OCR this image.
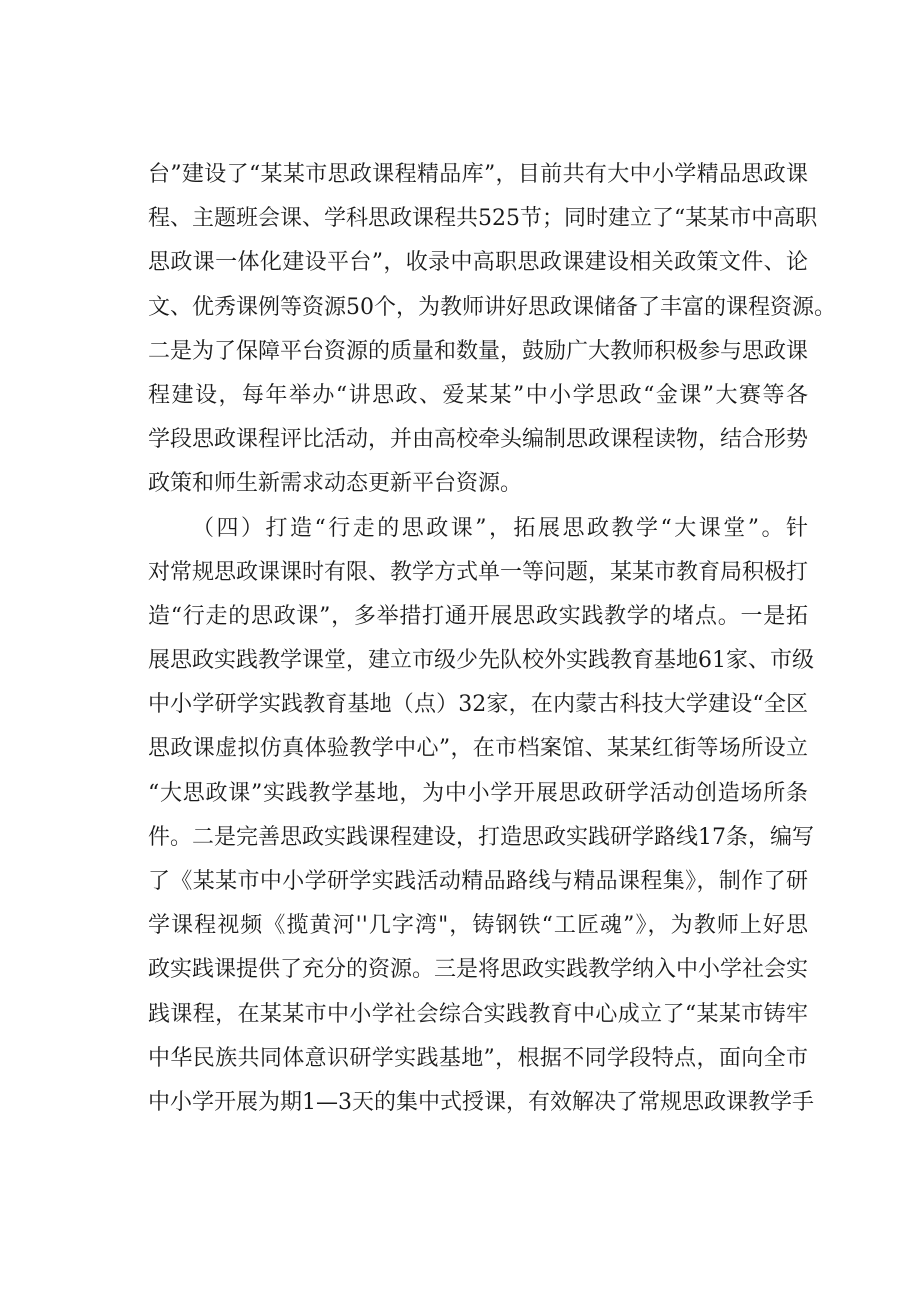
台”建设了“某某市思政课程精品库”，目前共有大中小学精品思政课
程、主题班会课、学科思政课程共525节；同时建立了“某某市中高职
思政课一体化建设平台”，收录中高职思政课建设相关政策文件、论
文、优秀课例等资源50个，为教师讲好思政课储备了丰富的课程资源。
二是为了保障平台资源的质量和数量，鼓励广大教师积极参与思政课
程建设，每年举办“讲思政、爱某某”中小学思政“金课”大赛等各
学段思政课程评比活动，并由高校牵头编制思政课程读物，结合形势
政策和师生新需求动态更新平台资源。
（四）打造“行走的思政课”，拓展思政教学“大课堂”。针
对常规思政课课时有限、教学方式单一等问题，某某市教育局积极打
造“行走的思政课”，多举措打通开展思政实践教学的堵点。一是拓
展思政实践教学课堂，建立市级少先队校外实践教育基地61家、市级
中小学研学实践教育基地（点）32家，在内蒙古科技大学建设“全区
思政课虚拟仿真体验教学中心”，在市档案馆、某某红街等场所设立
“大思政课”实践教学基地，为中小学开展思政研学活动创造场所条
件。二是完善思政实践课程建设，打造思政实践研学路线17条，编写
了《某某市中小学研学实践活动精品路线与精品课程集》，制作了研
学课程视频《揽黄河''几字湾"，铸钢铁“工匠魂”》，为教师上好思
政实践课提供了充分的资源。三是将思政实践教学纳入中小学社会实
践课程，在某某市中小学社会综合实践教育中心成立了“某某市铸牢
中华民族共同体意识研学实践基地”，根据不同学段特点，面向全市
中小学开展为期1—3天的集中式授课，有效解决了常规思政课教学手
